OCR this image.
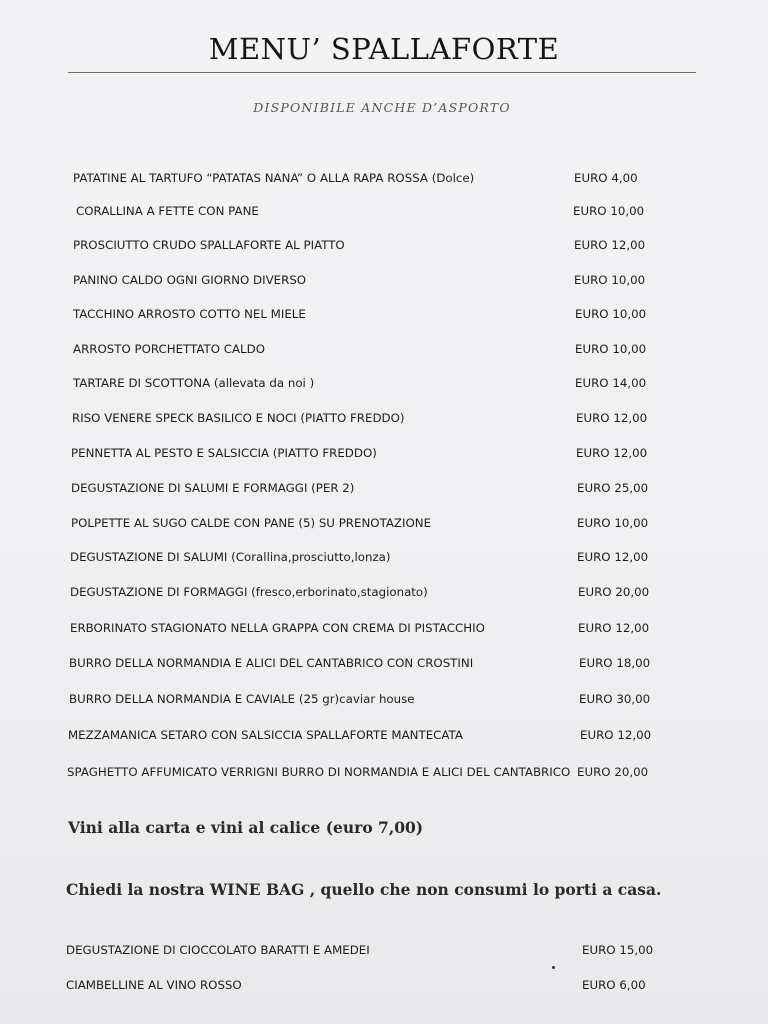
MENU’ SPALLAFORTE
DISPONIBILE ANCHE D’ASPORTO
PATATINE AL TARTUFO “PATATAS NANA” O ALLA RAPA ROSSA (Dolce)	EURO 4,00
CORALLINA A FETTE CON PANE	EURO 10,00
PROSCIUTTO CRUDO SPALLAFORTE AL PIATTO	EURO 12,00
PANINO CALDO OGNI GIORNO DIVERSO	EURO 10,00
TACCHINO ARROSTO COTTO NEL MIELE	EURO 10,00
ARROSTO PORCHETTATO CALDO	EURO 10,00
TARTARE DI SCOTTONA (allevata da noi )	EURO 14,00
RISO VENERE SPECK BASILICO E NOCI (PIATTO FREDDO)	EURO 12,00
PENNETTA AL PESTO E SALSICCIA (PIATTO FREDDO)	EURO 12,00
DEGUSTAZIONE DI SALUMI E FORMAGGI (PER 2)	EURO 25,00
POLPETTE AL SUGO CALDE CON PANE (5) SU PRENOTAZIONE	EURO 10,00
DEGUSTAZIONE DI SALUMI (Corallina,prosciutto,lonza)	EURO 12,00
DEGUSTAZIONE DI FORMAGGI (fresco,erborinato,stagionato)	EURO 20,00
ERBORINATO STAGIONATO NELLA GRAPPA CON CREMA DI PISTACCHIO	EURO 12,00
BURRO DELLA NORMANDIA E ALICI DEL CANTABRICO CON CROSTINI	EURO 18,00
BURRO DELLA NORMANDIA E CAVIALE (25 gr)caviar house	EURO 30,00
MEZZAMANICA SETARO CON SALSICCIA SPALLAFORTE MANTECATA	EURO 12,00
SPAGHETTO AFFUMICATO VERRIGNI BURRO DI NORMANDIA E ALICI DEL CANTABRICO EURO 20,00
Vini alla carta e vini al calice (euro 7,00)
Chiedi la nostra WINE BAG , quello che non consumi lo porti a casa.
DEGUSTAZIONE DI CIOCCOLATO BARATTI E AMEDEI	EURO 15,00
CIAMBELLINE AL VINO ROSSO	EURO 6,00
